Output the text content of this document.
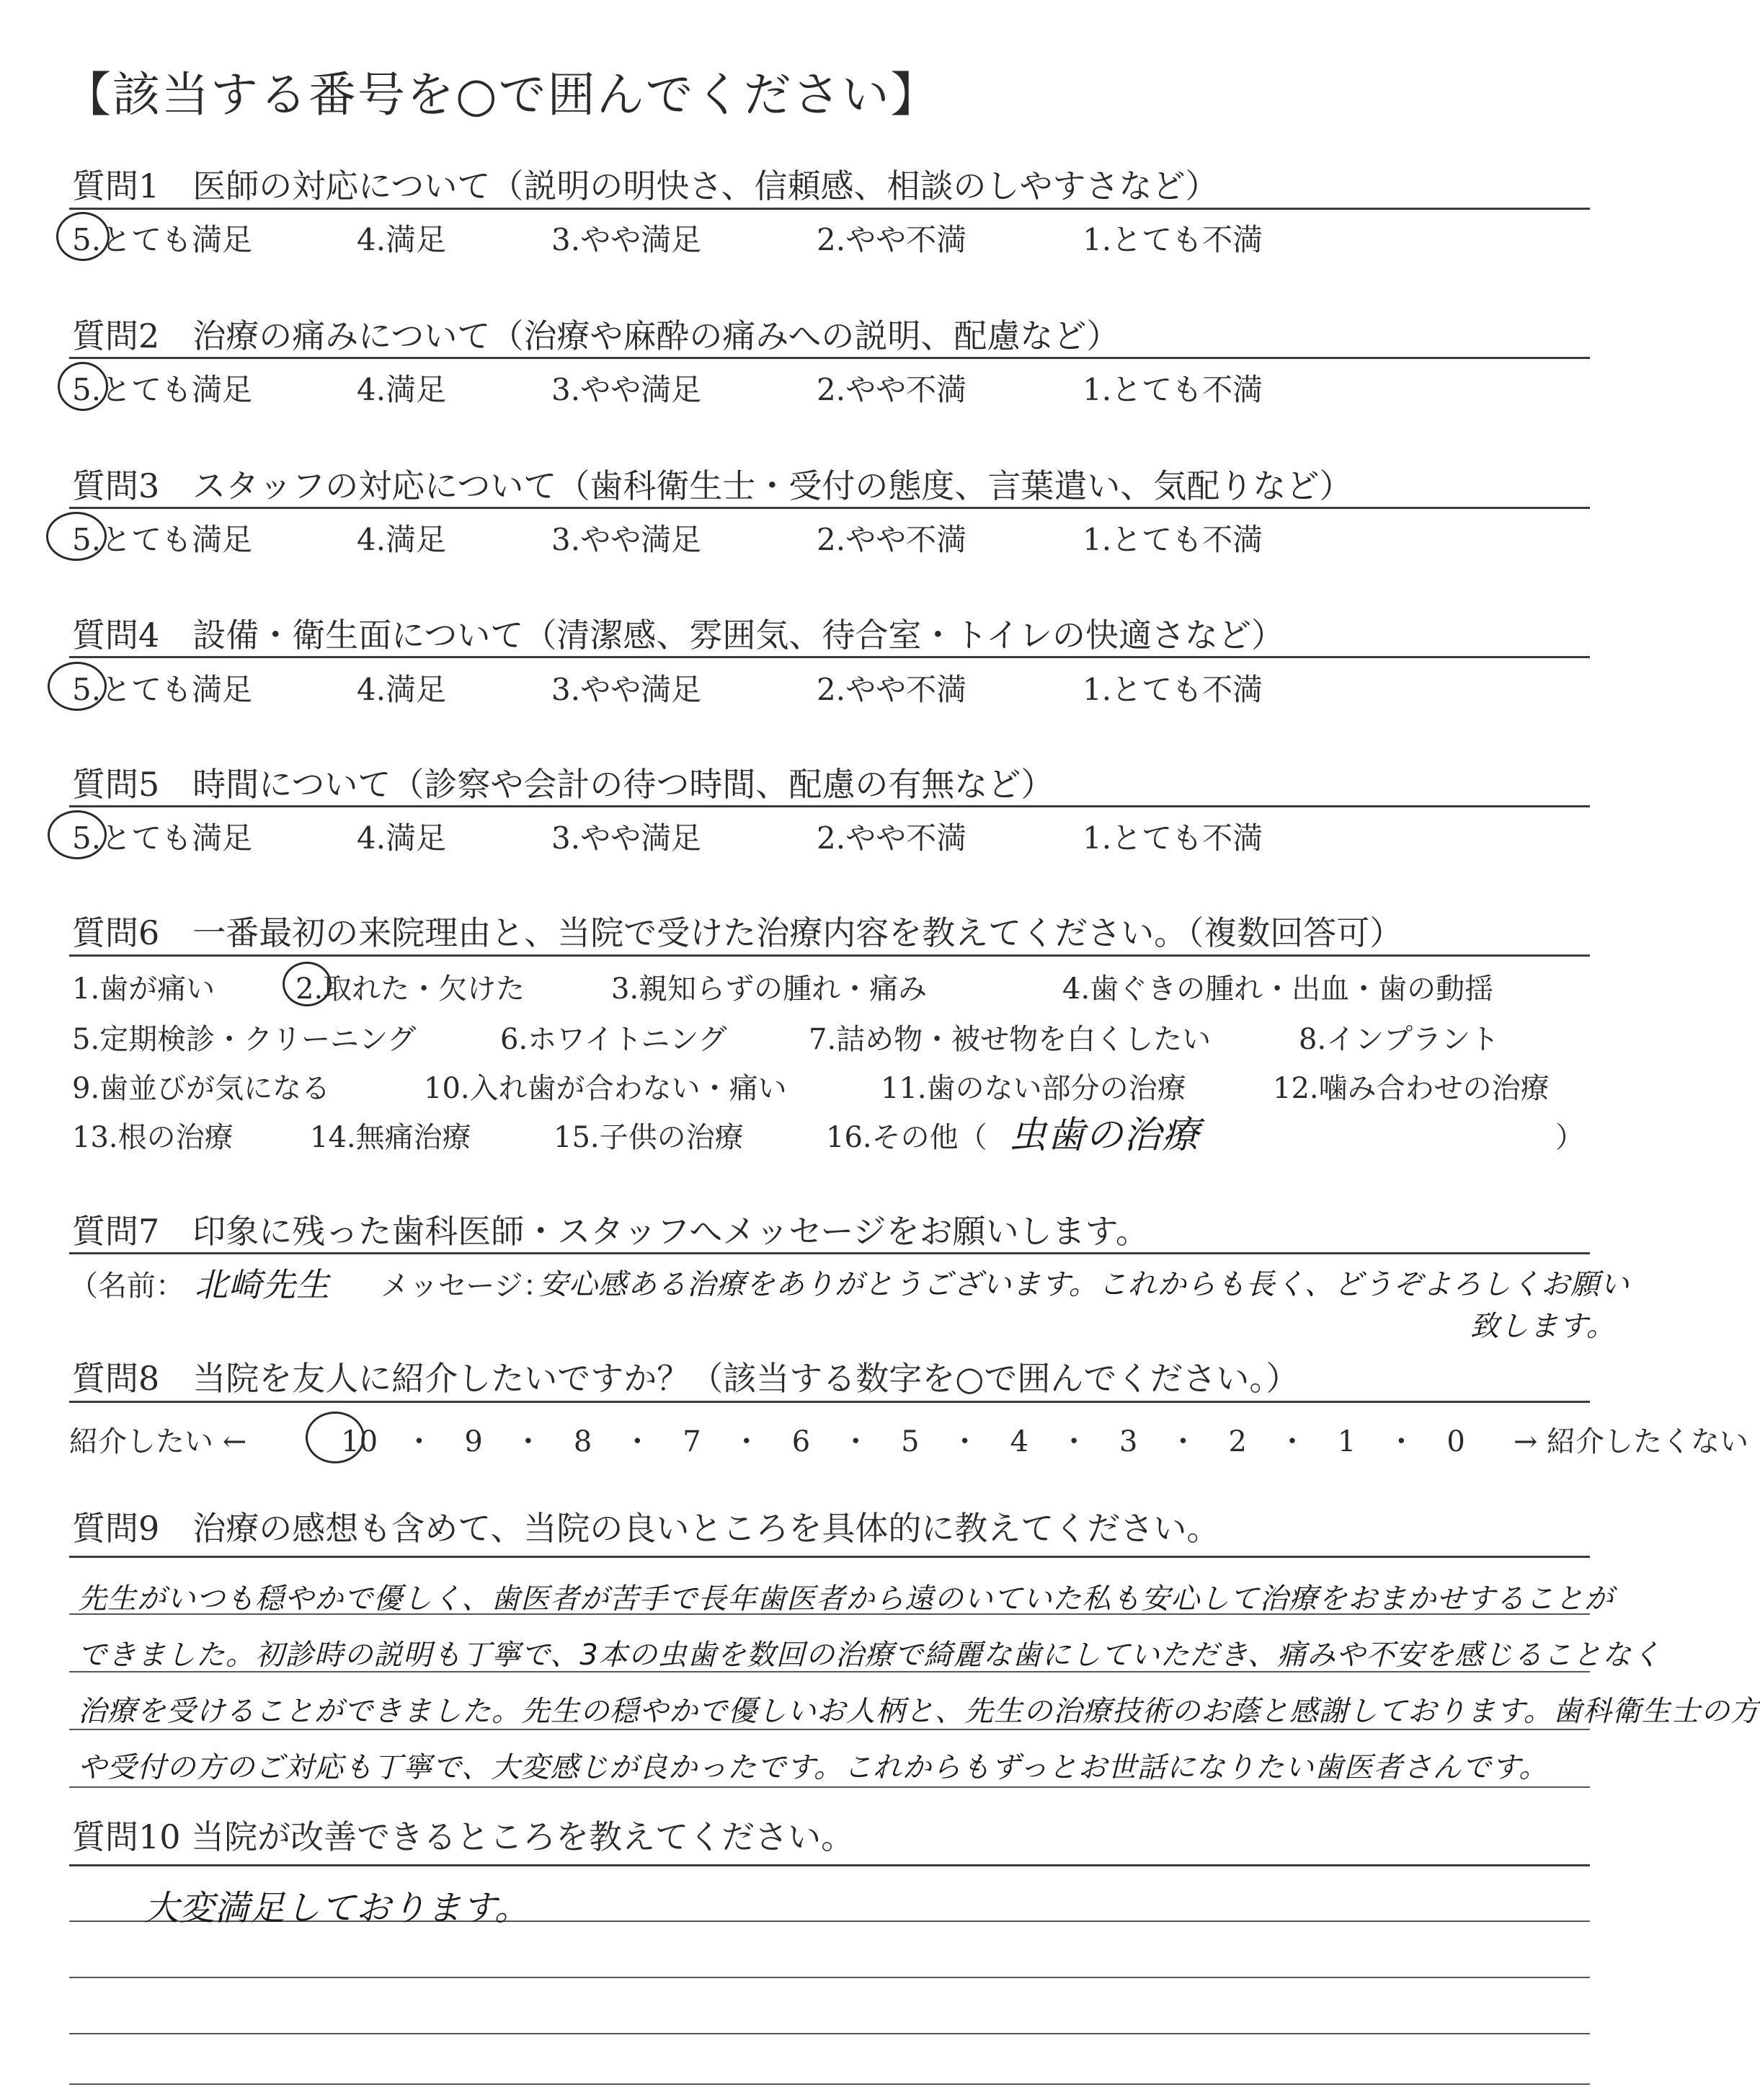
【該当する番号を○で囲んでください】
質問1　医師の対応について（説明の明快さ、信頼感、相談のしやすさなど）
5.とても満足	4.満足	3.やや満足	2.やや不満	1.とても不満
質問2　治療の痛みについて（治療や麻酔の痛みへの説明、配慮など）
5.とても満足	4.満足	3.やや満足	2.やや不満	1.とても不満
質問3　スタッフの対応について（歯科衛生士・受付の態度、言葉遣い、気配りなど）
5.とても満足	4.満足	3.やや満足	2.やや不満	1.とても不満
質問4　設備・衛生面について（清潔感、雰囲気、待合室・トイレの快適さなど）
5.とても満足	4.満足	3.やや満足	2.やや不満	1.とても不満
質問5　時間について（診察や会計の待つ時間、配慮の有無など）
5.とても満足	4.満足	3.やや満足	2.やや不満	1.とても不満
質問6　一番最初の来院理由と、当院で受けた治療内容を教えてください。（複数回答可）
1.歯が痛い	2.取れた・欠けた	3.親知らずの腫れ・痛み	4.歯ぐきの腫れ・出血・歯の動揺
5.定期検診・クリーニング	6.ホワイトニング	7.詰め物・被せ物を白くしたい	8.インプラント
9.歯並びが気になる	10.入れ歯が合わない・痛い	11.歯のない部分の治療	12.噛み合わせの治療
13.根の治療	14.無痛治療	15.子供の治療	16.その他（ 虫歯の治療	）
質問7　印象に残った歯科医師・スタッフへメッセージをお願いします。
（名前： 北崎先生 メッセージ：
安心感ある治療をありがとうございます。これからも長く、どうぞよろしくお願い
致します。
質問8　当院を友人に紹介したいですか？（該当する数字を○で囲んでください。）
紹介したい ←	10 ・ 9 ・ 8 ・ 7 ・ 6 ・ 5 ・ 4 ・ 3 ・ 2 ・ 1 ・ 0 → 紹介したくない
質問9　治療の感想も含めて、当院の良いところを具体的に教えてください。
先生がいつも穏やかで優しく、歯医者が苦手で長年歯医者から遠のいていた私も安心して治療をおまかせすることが
できました。初診時の説明も丁寧で、3本の虫歯を数回の治療で綺麗な歯にしていただき、痛みや不安を感じることなく
治療を受けることができました。先生の穏やかで優しいお人柄と、先生の治療技術のお蔭と感謝しております。歯科衛生士の方
や受付の方のご対応も丁寧で、大変感じが良かったです。これからもずっとお世話になりたい歯医者さんです。
質問10 当院が改善できるところを教えてください。
大変満足しております。
